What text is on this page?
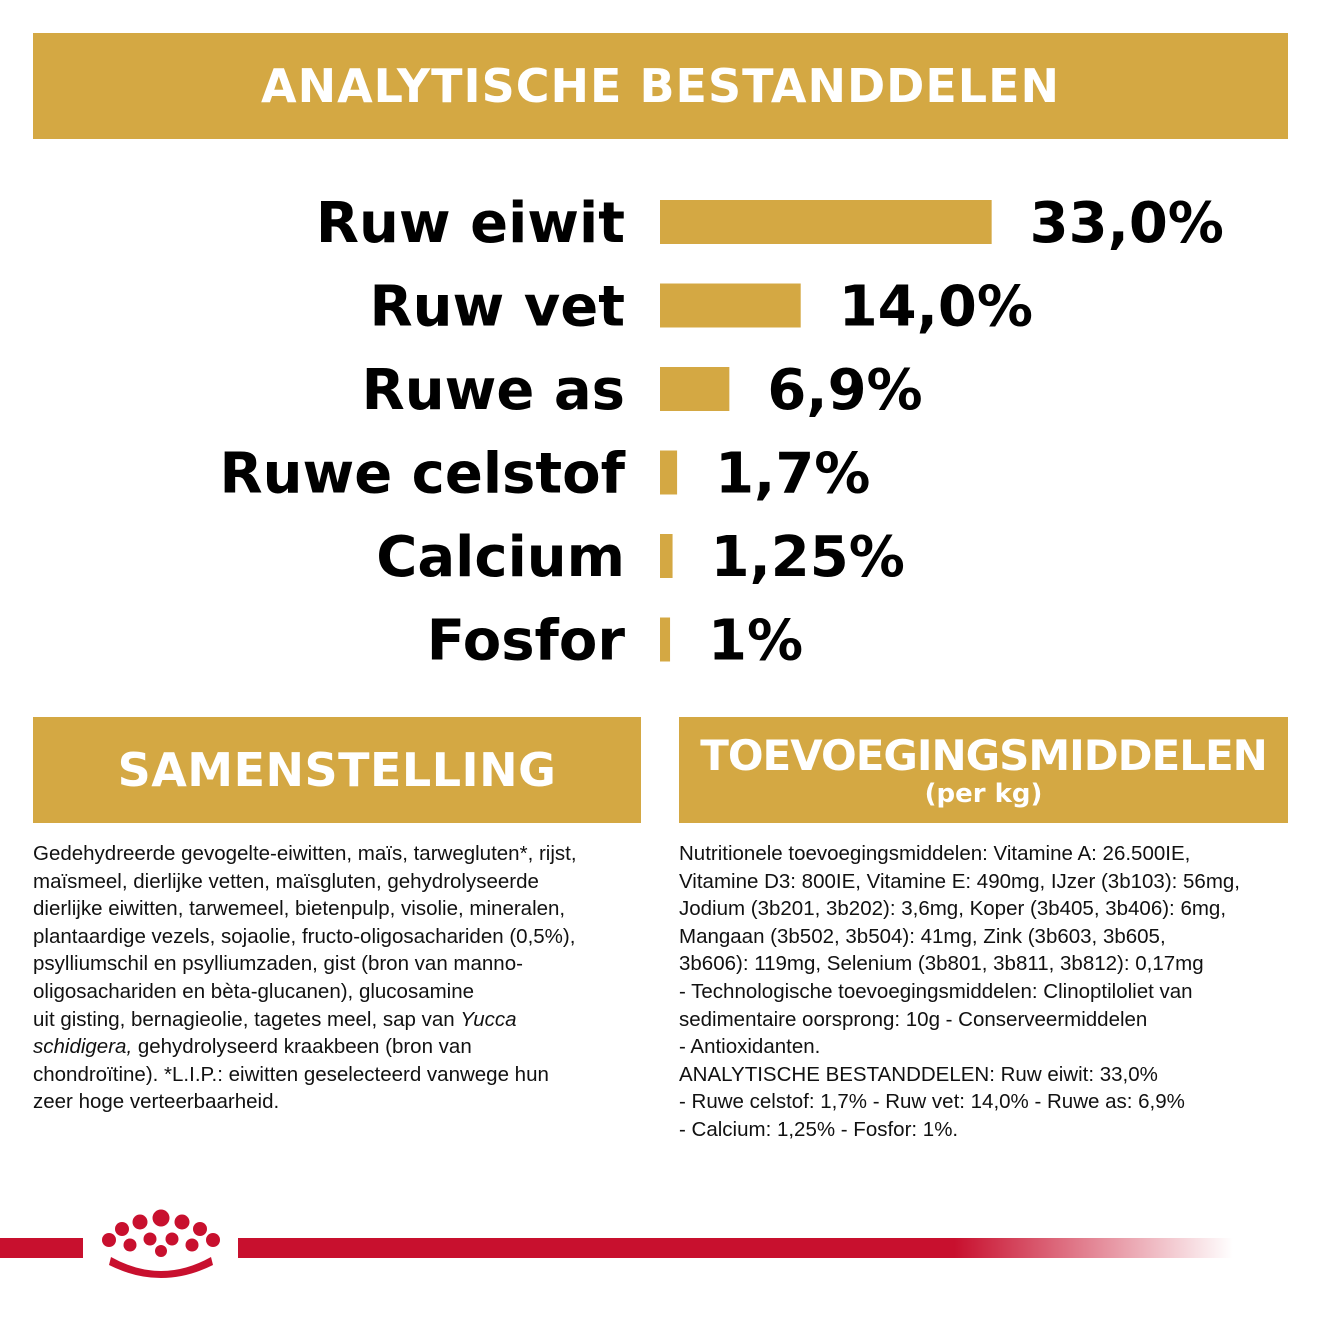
ANALYTISCHE BESTANDDELEN
Ruw eiwit	33,0%
Ruw vet	14,0%
Ruwe as	6,9%
Ruwe celstof 1,7%
Calcium 1,25%
Fosfor 1%
SAMENSTELLING	TOEVOEGINGSMIDDELEN
(per kg)
Gedehydreerde gevogelte-eiwitten, maïs, tarwegluten*, rijst,
maïsmeel, dierlijke vetten, maïsgluten, gehydrolyseerde
dierlijke eiwitten, tarwemeel, bietenpulp, visolie, mineralen,
plantaardige vezels, sojaolie, fructo-oligosachariden (0,5%),
psylliumschil en psylliumzaden, gist (bron van manno-
oligosachariden en bèta-glucanen), glucosamine
uit gisting, bernagieolie, tagetes meel, sap van Yucca
schidigera, gehydrolyseerd kraakbeen (bron van
chondroïtine). *L.I.P.: eiwitten geselecteerd vanwege hun
zeer hoge verteerbaarheid.
Nutritionele toevoegingsmiddelen: Vitamine A: 26.500IE,
Vitamine D3: 800IE, Vitamine E: 490mg, IJzer (3b103): 56mg,
Jodium (3b201, 3b202): 3,6mg, Koper (3b405, 3b406): 6mg,
Mangaan (3b502, 3b504): 41mg, Zink (3b603, 3b605,
3b606): 119mg, Selenium (3b801, 3b811, 3b812): 0,17mg
- Technologische toevoegingsmiddelen: Clinoptiloliet van
sedimentaire oorsprong: 10g - Conserveermiddelen
- Antioxidanten.
ANALYTISCHE BESTANDDELEN: Ruw eiwit: 33,0%
- Ruwe celstof: 1,7% - Ruw vet: 14,0% - Ruwe as: 6,9%
- Calcium: 1,25% - Fosfor: 1%.
